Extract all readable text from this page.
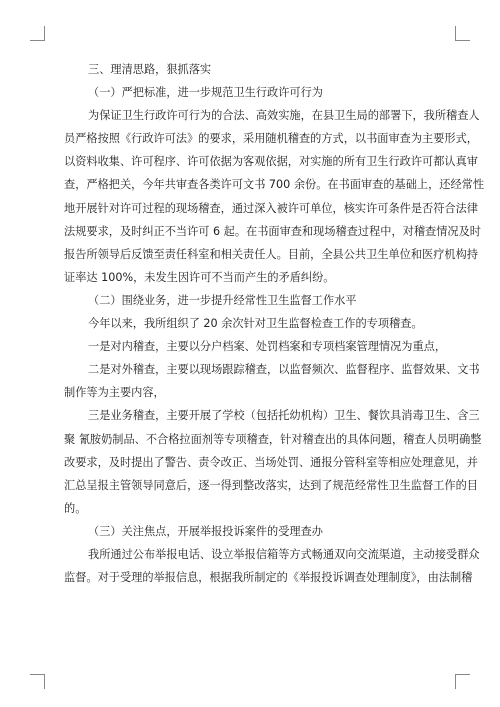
三、理清思路，狠抓落实
（一）严把标准，进一步规范卫生行政许可行为
为保证卫生行政许可行为的合法、高效实施，在县卫生局的部署下，我所稽查人
员严格按照《行政许可法》的要求，采用随机稽查的方式，以书面审查为主要形式，
以资料收集、许可程序、许可依据为客观依据，对实施的所有卫生行政许可都认真审
查，严格把关，今年共审查各类许可文书 700 余份。在书面审查的基础上，还经常性
地开展针对许可过程的现场稽查，通过深入被许可单位，核实许可条件是否符合法律
法规要求，及时纠正不当许可 6 起。在书面审查和现场稽查过程中，对稽查情况及时
报告所领导后反馈至责任科室和相关责任人。目前，全县公共卫生单位和医疗机构持
证率达 100%，未发生因许可不当而产生的矛盾纠纷。
（二）围绕业务，进一步提升经常性卫生监督工作水平
今年以来，我所组织了 20 余次针对卫生监督检查工作的专项稽查。
一是对内稽查，主要以分户档案、处罚档案和专项档案管理情况为重点，
二是对外稽查，主要以现场跟踪稽查，以监督频次、监督程序、监督效果、文书
制作等为主要内容，
三是业务稽查，主要开展了学校（包括托幼机构）卫生、餐饮具消毒卫生、含三
聚 氰胺奶制品、不合格拉面剂等专项稽查，针对稽查出的具体问题，稽查人员明确整
改要求，及时提出了警告、责令改正、当场处罚、通报分管科室等相应处理意见，并
汇总呈报主管领导同意后，逐一得到整改落实，达到了规范经常性卫生监督工作的目
的。
（三）关注焦点，开展举报投诉案件的受理查办
我所通过公布举报电话、设立举报信箱等方式畅通双向交流渠道，主动接受群众
监督。对于受理的举报信息，根据我所制定的《举报投诉调查处理制度》，由法制稽
